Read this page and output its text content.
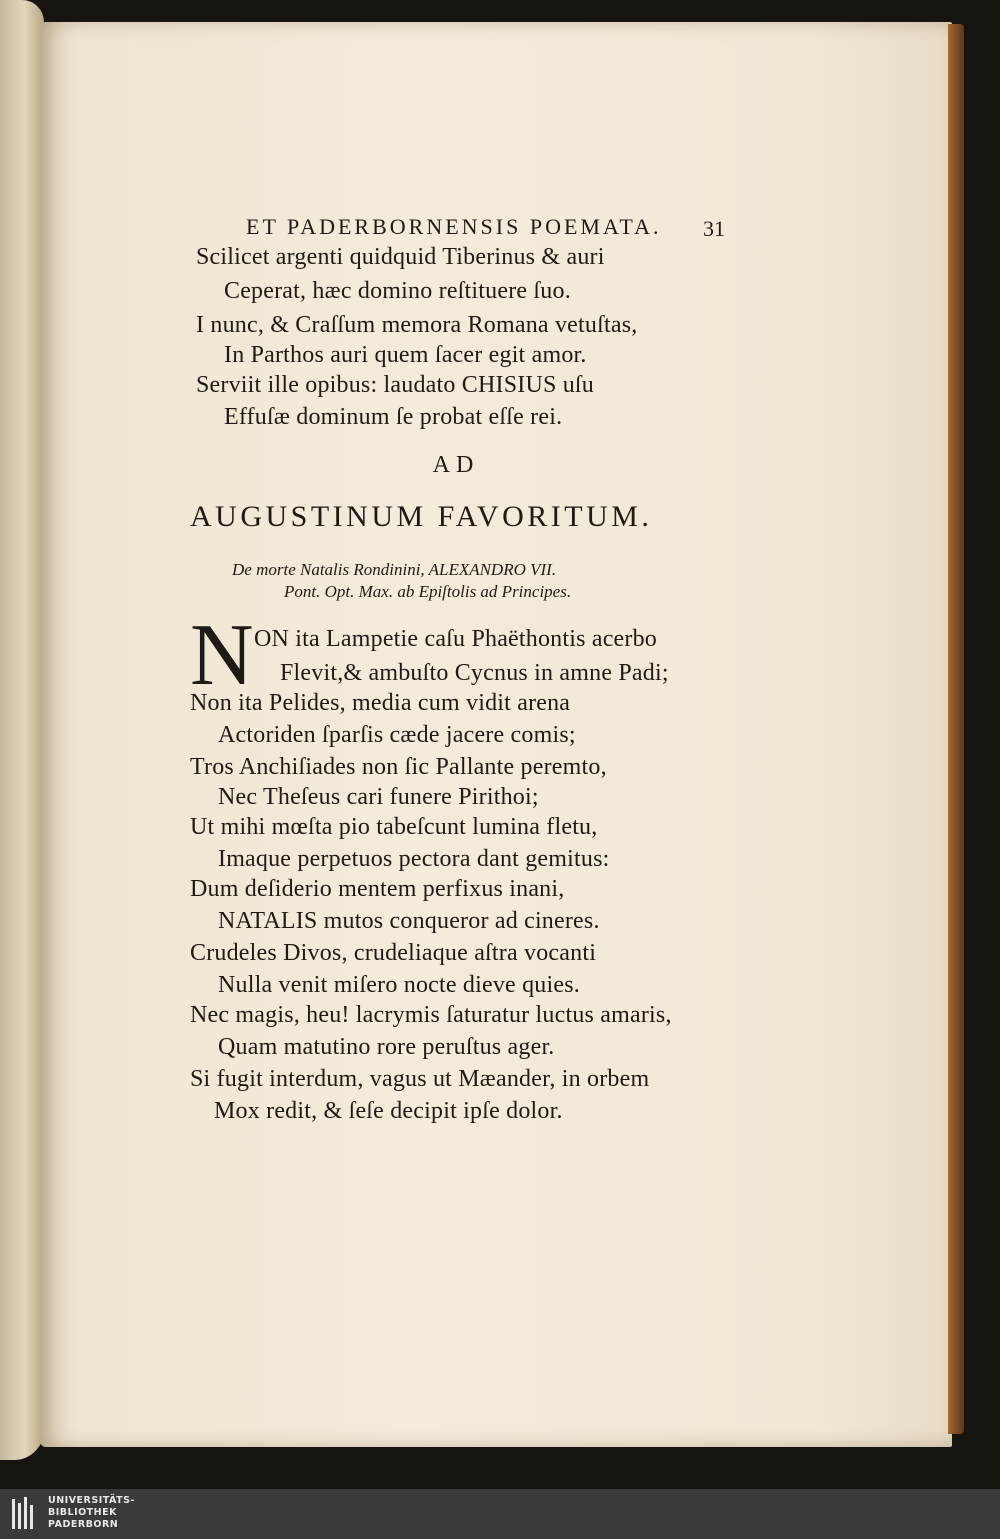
ET PADERBORNENSIS POEMATA. 31
Scilicet argenti quidquid Tiberinus & auri
Ceperat, hæc domino reſtituere ſuo.
I nunc, & Craſſum memora Romana vetuſtas,
In Parthos auri quem ſacer egit amor.
Serviit ille opibus: laudato CHISIUS uſu
Effuſæ dominum ſe probat eſſe rei.
AD
AUGUSTINUM FAVORITUM.
De morte Natalis Rondinini, ALEXANDRO VII.
Pont. Opt. Max. ab Epiſtolis ad Principes.
N ON ita Lampetie caſu Phaëthontis acerbo
Flevit,& ambuſto Cycnus in amne Padi;
Non ita Pelides, media cum vidit arena
Actoriden ſparſis cæde jacere comis;
Tros Anchiſiades non ſic Pallante peremto,
Nec Theſeus cari funere Pirithoi;
Ut mihi mœſta pio tabeſcunt lumina fletu,
Imaque perpetuos pectora dant gemitus:
Dum deſiderio mentem perfixus inani,
NATALIS mutos conqueror ad cineres.
Crudeles Divos, crudeliaque aſtra vocanti
Nulla venit miſero nocte dieve quies.
Nec magis, heu! lacrymis ſaturatur luctus amaris,
Quam matutino rore peruſtus ager.
Si fugit interdum, vagus ut Mæander, in orbem
Mox redit, & ſeſe decipit ipſe dolor.
UNIVERSITÄTS-
BIBLIOTHEK
PADERBORN
